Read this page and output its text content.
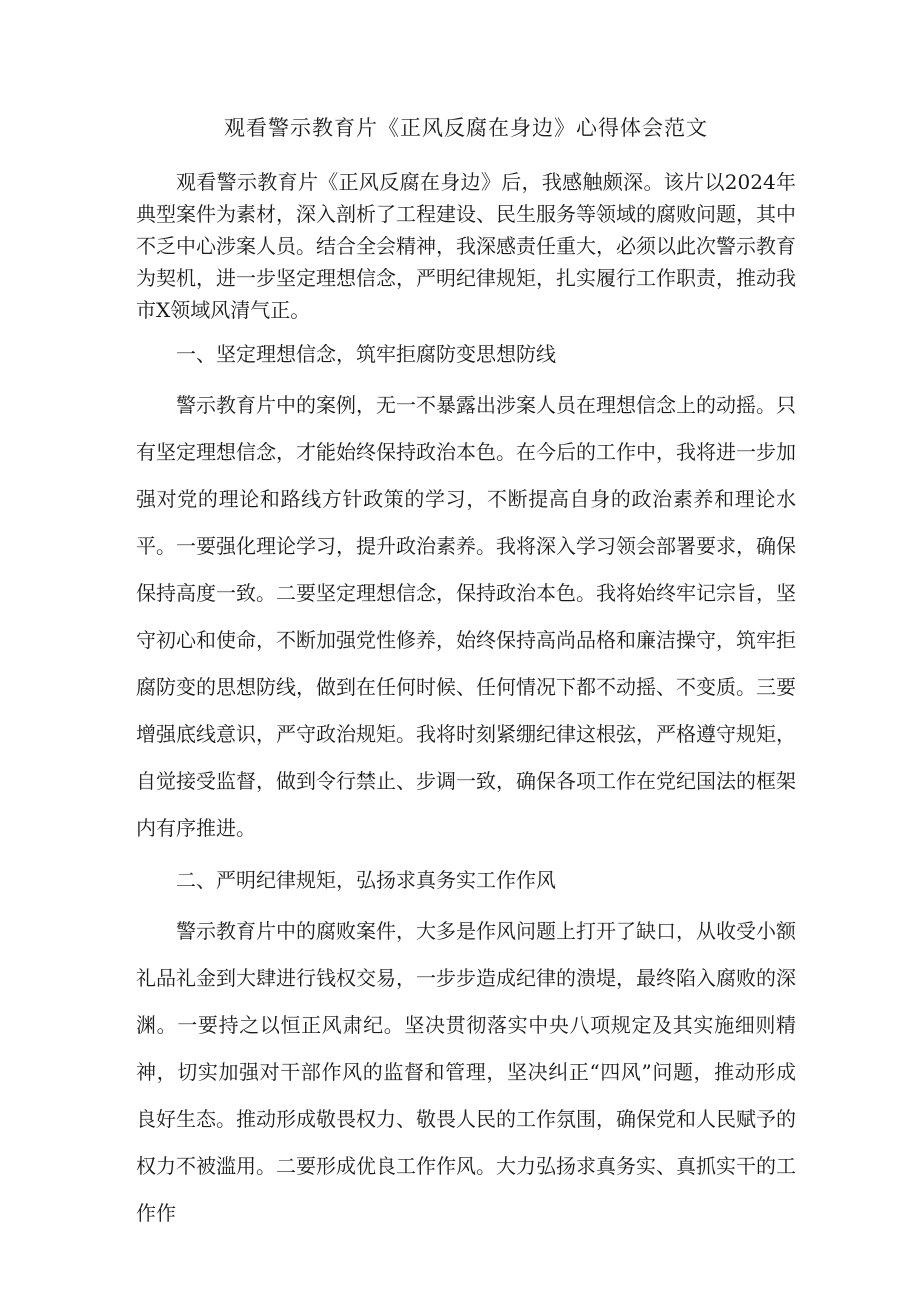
观看警示教育片《正风反腐在身边》心得体会范文

观看警示教育片《正风反腐在身边》后，我感触颇深。该片以2024年典型案件为素材，深入剖析了工程建设、民生服务等领域的腐败问题，其中不乏中心涉案人员。结合全会精神，我深感责任重大，必须以此次警示教育为契机，进一步坚定理想信念，严明纪律规矩，扎实履行工作职责，推动我市X领域风清气正。

一、坚定理想信念，筑牢拒腐防变思想防线

警示教育片中的案例，无一不暴露出涉案人员在理想信念上的动摇。只有坚定理想信念，才能始终保持政治本色。在今后的工作中，我将进一步加强对党的理论和路线方针政策的学习，不断提高自身的政治素养和理论水平。一要强化理论学习，提升政治素养。我将深入学习领会部署要求，确保保持高度一致。二要坚定理想信念，保持政治本色。我将始终牢记宗旨，坚守初心和使命，不断加强党性修养，始终保持高尚品格和廉洁操守，筑牢拒腐防变的思想防线，做到在任何时候、任何情况下都不动摇、不变质。三要增强底线意识，严守政治规矩。我将时刻紧绷纪律这根弦，严格遵守规矩，自觉接受监督，做到令行禁止、步调一致，确保各项工作在党纪国法的框架内有序推进。

二、严明纪律规矩，弘扬求真务实工作作风

警示教育片中的腐败案件，大多是作风问题上打开了缺口，从收受小额礼品礼金到大肆进行钱权交易，一步步造成纪律的溃堤，最终陷入腐败的深渊。一要持之以恒正风肃纪。坚决贯彻落实中央八项规定及其实施细则精神，切实加强对干部作风的监督和管理，坚决纠正“四风”问题，推动形成良好生态。推动形成敬畏权力、敬畏人民的工作氛围，确保党和人民赋予的权力不被滥用。二要形成优良工作作风。大力弘扬求真务实、真抓实干的工作作
